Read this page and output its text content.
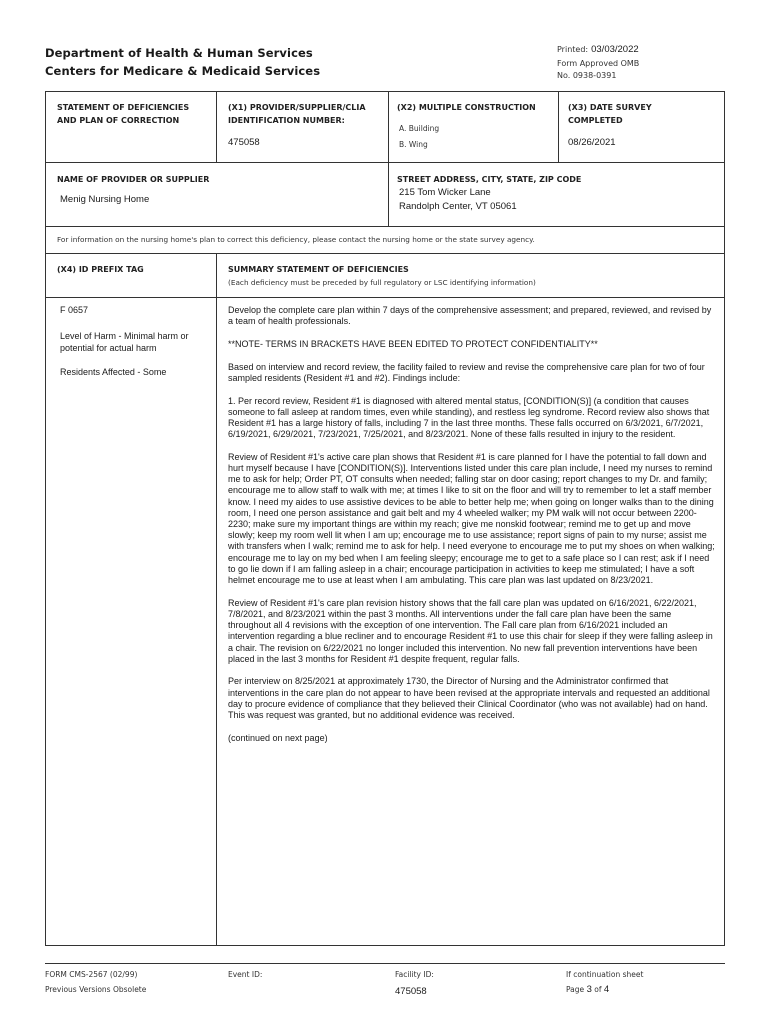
Department of Health & Human Services
Centers for Medicare & Medicaid Services
Printed: 03/03/2022
Form Approved OMB
No. 0938-0391
STATEMENT OF DEFICIENCIES AND PLAN OF CORRECTION
(X1) PROVIDER/SUPPLIER/CLIA IDENTIFICATION NUMBER:
475058
(X2) MULTIPLE CONSTRUCTION
A. Building
B. Wing
(X3) DATE SURVEY COMPLETED
08/26/2021
NAME OF PROVIDER OR SUPPLIER
Menig Nursing Home
STREET ADDRESS, CITY, STATE, ZIP CODE
215 Tom Wicker Lane
Randolph Center, VT 05061
For information on the nursing home's plan to correct this deficiency, please contact the nursing home or the state survey agency.
(X4) ID PREFIX TAG	SUMMARY STATEMENT OF DEFICIENCIES
(Each deficiency must be preceded by full regulatory or LSC identifying information)
F 0657
Level of Harm - Minimal harm or potential for actual harm
Residents Affected - Some

Develop the complete care plan within 7 days of the comprehensive assessment; and prepared, reviewed, and revised by a team of health professionals.

**NOTE- TERMS IN BRACKETS HAVE BEEN EDITED TO PROTECT CONFIDENTIALITY**

Based on interview and record review, the facility failed to review and revise the comprehensive care plan for two of four sampled residents (Resident #1 and #2). Findings include:

1. Per record review, Resident #1 is diagnosed with altered mental status, [CONDITION(S)] (a condition that causes someone to fall asleep at random times, even while standing), and restless leg syndrome. Record review also shows that Resident #1 has a large history of falls, including 7 in the last three months. These falls occurred on 6/3/2021, 6/7/2021, 6/19/2021, 6/29/2021, 7/23/2021, 7/25/2021, and 8/23/2021. None of these falls resulted in injury to the resident.

Review of Resident #1's active care plan shows that Resident #1 is care planned for I have the potential to fall down and hurt myself because I have [CONDITION(S)]. Interventions listed under this care plan include, I need my nurses to remind me to ask for help; Order PT, OT consults when needed; falling star on door casing; report changes to my Dr. and family; encourage me to allow staff to walk with me; at times I like to sit on the floor and will try to remember to let a staff member know. I need my aides to use assistive devices to be able to better help me; when going on longer walks than to the dining room, I need one person assistance and gait belt and my 4 wheeled walker; my PM walk will not occur between 2200-2230; make sure my important things are within my reach; give me nonskid footwear; remind me to get up and move slowly; keep my room well lit when I am up; encourage me to use assistance; report signs of pain to my nurse; assist me with transfers when I walk; remind me to ask for help. I need everyone to encourage me to put my shoes on when walking; encourage me to lay on my bed when I am feeling sleepy; encourage me to get to a safe place so I can rest; ask if I need to go lie down if I am falling asleep in a chair; encourage participation in activities to keep me stimulated; I have a soft helmet encourage me to use at least when I am ambulating. This care plan was last updated on 8/23/2021.

Review of Resident #1's care plan revision history shows that the fall care plan was updated on 6/16/2021, 6/22/2021, 7/8/2021, and 8/23/2021 within the past 3 months. All interventions under the fall care plan have been the same throughout all 4 revisions with the exception of one intervention. The Fall care plan from 6/16/2021 included an intervention regarding a blue recliner and to encourage Resident #1 to use this chair for sleep if they were falling asleep in a chair. The revision on 6/22/2021 no longer included this intervention. No new fall prevention interventions have been placed in the last 3 months for Resident #1 despite frequent, regular falls.

Per interview on 8/25/2021 at approximately 1730, the Director of Nursing and the Administrator confirmed that interventions in the care plan do not appear to have been revised at the appropriate intervals and requested an additional day to procure evidence of compliance that they believed their Clinical Coordinator (who was not available) had on hand. This was request was granted, but no additional evidence was received.

(continued on next page)

FORM CMS-2567 (02/99)
Previous Versions Obsolete
Event ID:	Facility ID:
475058
If continuation sheet
Page 3 of 4
